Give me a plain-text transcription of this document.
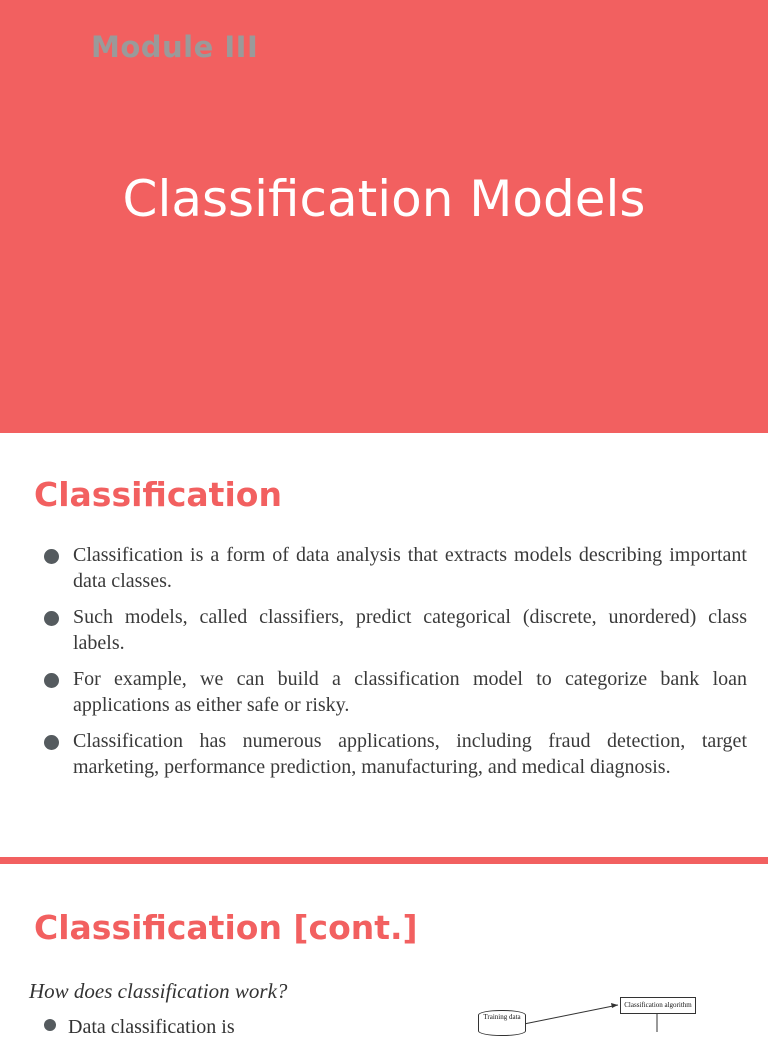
Module III
Classification Models
Classification
Classification is a form of data analysis that extracts models describing important data classes.
Such models, called classifiers, predict categorical (discrete, unordered) class labels.
For example, we can build a classification model to categorize bank loan applications as either safe or risky.
Classification has numerous applications, including fraud detection, target marketing, performance prediction, manufacturing, and medical diagnosis.
Classification [cont.]
How does classification work?
Data classification is
Classification algorithm
Training data
